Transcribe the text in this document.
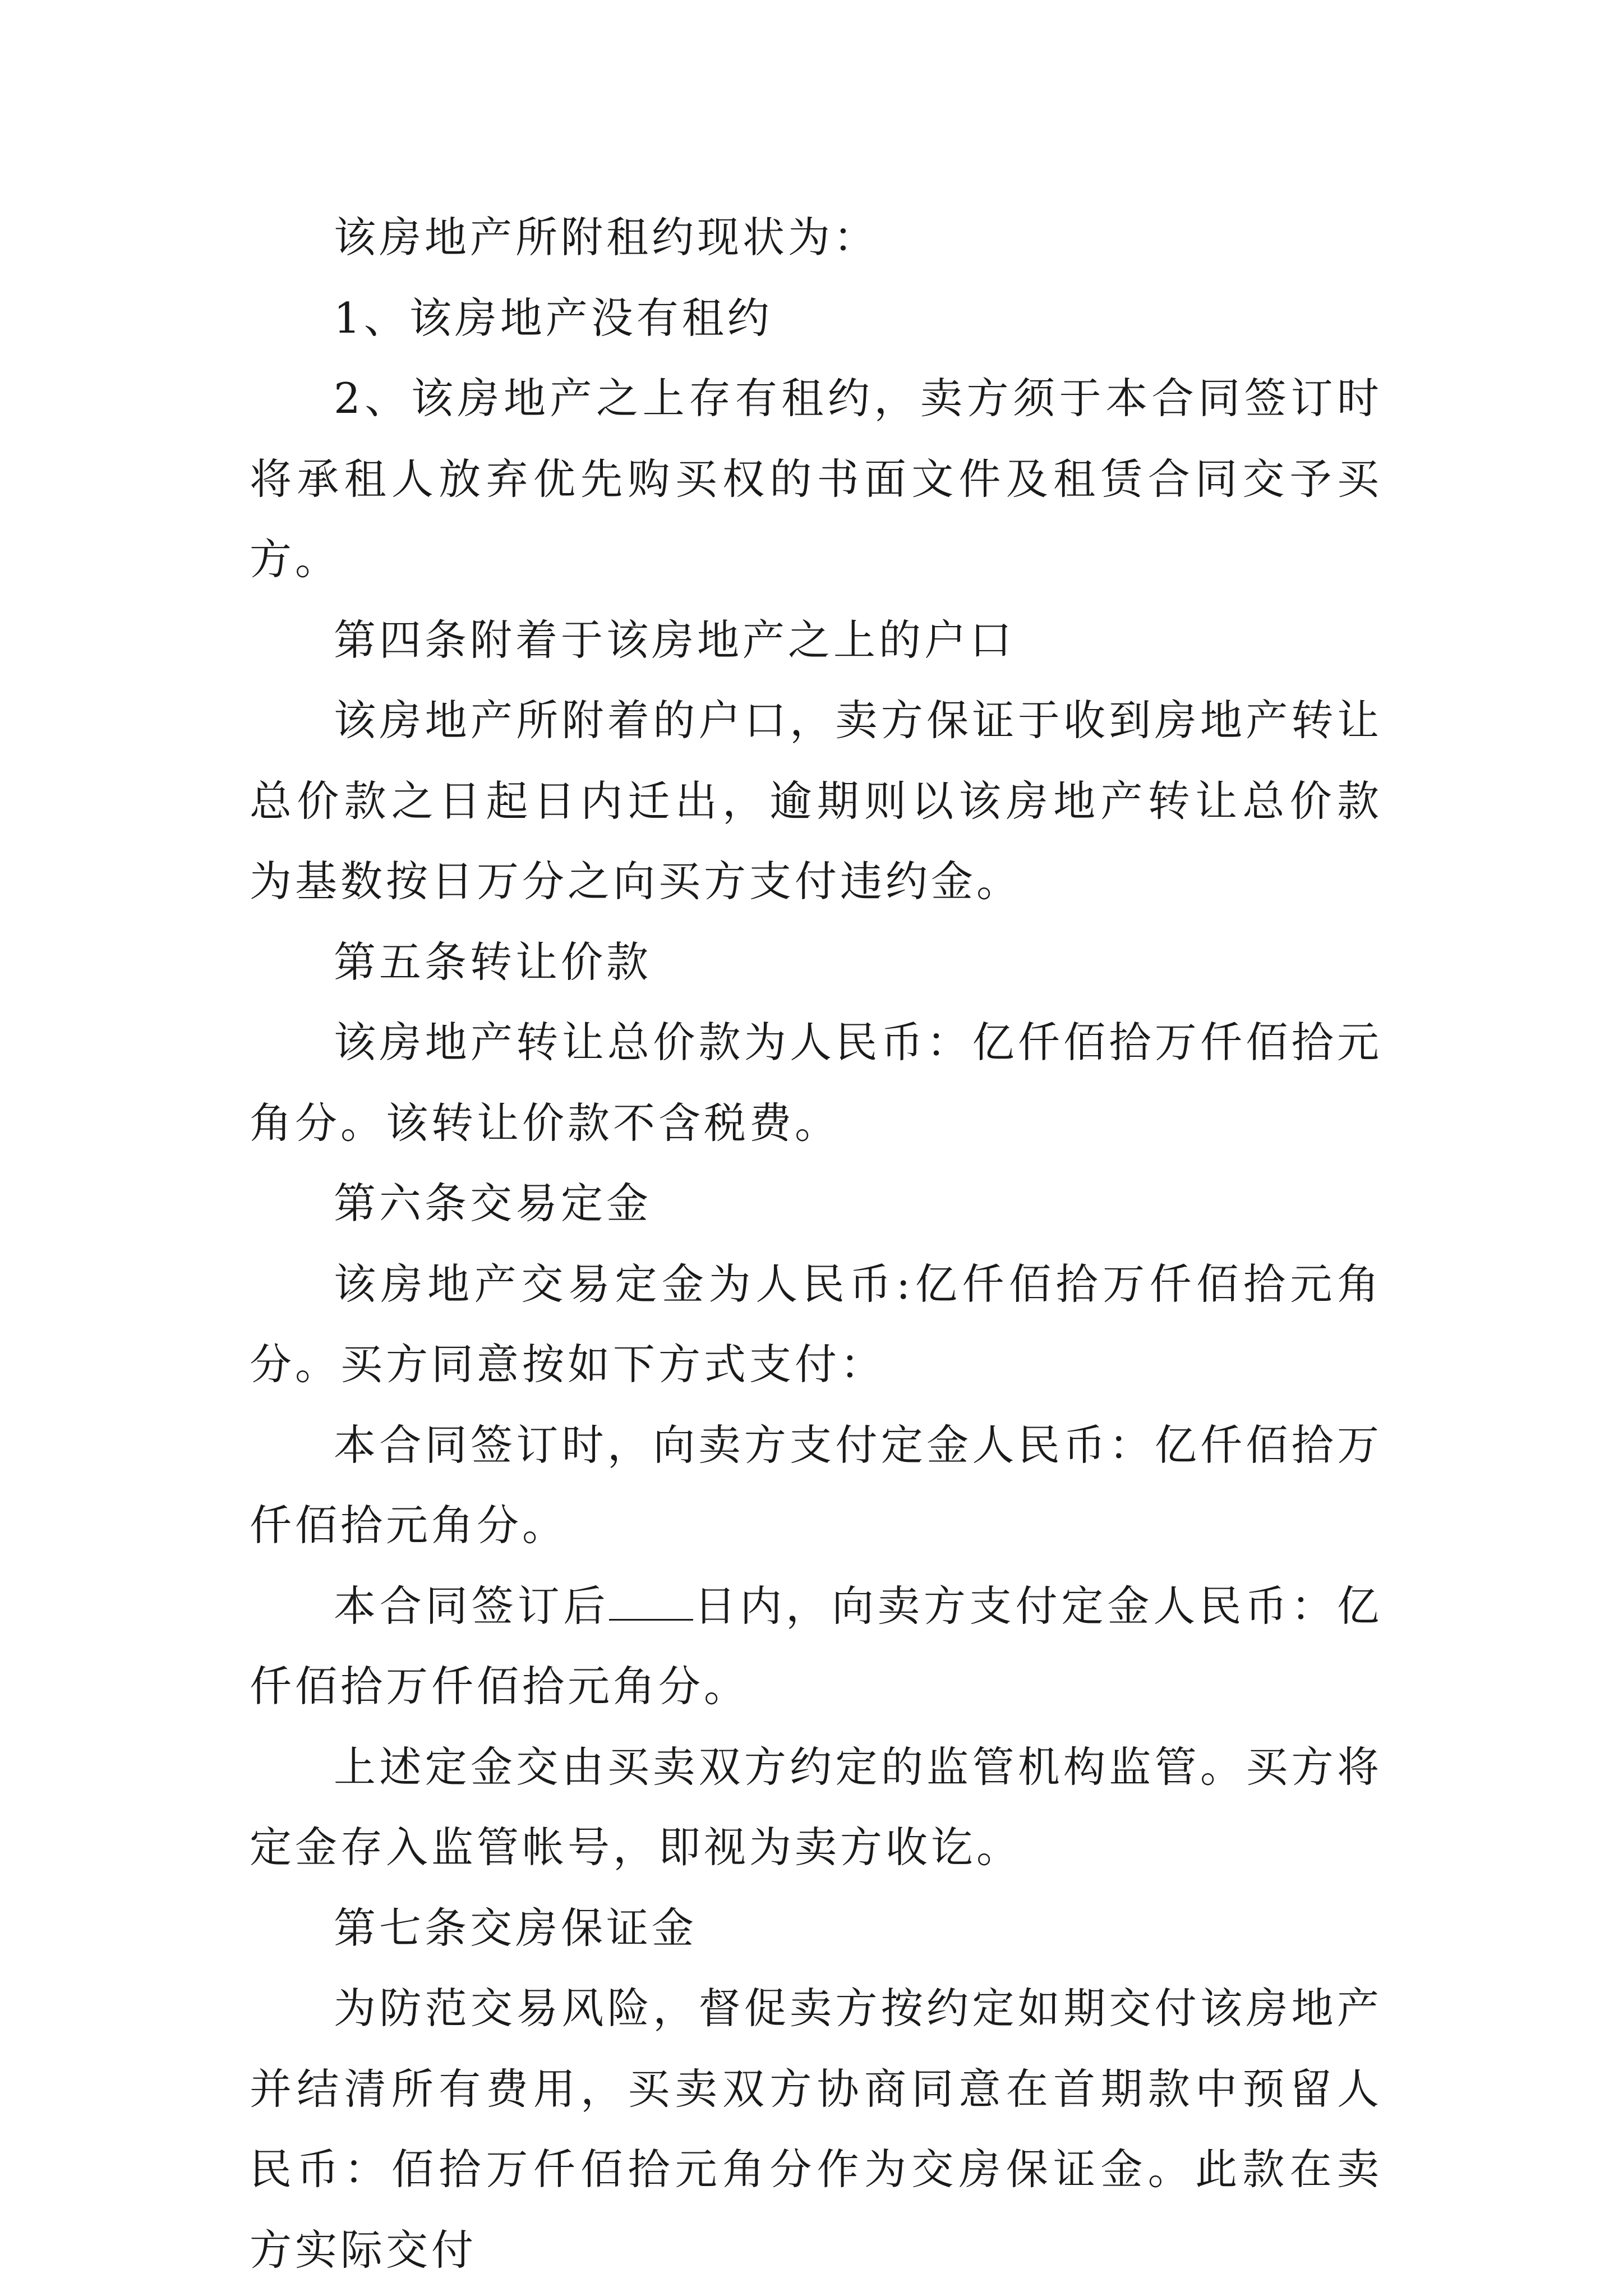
该房地产所附租约现状为：

1、该房地产没有租约

2、该房地产之上存有租约，卖方须于本合同签订时将承租人放弃优先购买权的书面文件及租赁合同交予买方。

第四条附着于该房地产之上的户口

该房地产所附着的户口，卖方保证于收到房地产转让总价款之日起日内迁出，逾期则以该房地产转让总价款为基数按日万分之向买方支付违约金。

第五条转让价款

该房地产转让总价款为人民币：亿仟佰拾万仟佰拾元角分。该转让价款不含税费。

第六条交易定金

该房地产交易定金为人民币:亿仟佰拾万仟佰拾元角分。买方同意按如下方式支付：

本合同签订时，向卖方支付定金人民币：亿仟佰拾万仟佰拾元角分。

本合同签订后 日内，向卖方支付定金人民币：亿仟佰拾万仟佰拾元角分。

上述定金交由买卖双方约定的监管机构监管。买方将定金存入监管帐号，即视为卖方收讫。

第七条交房保证金

为防范交易风险，督促卖方按约定如期交付该房地产并结清所有费用，买卖双方协商同意在首期款中预留人民币：佰拾万仟佰拾元角分作为交房保证金。此款在卖方实际交付
